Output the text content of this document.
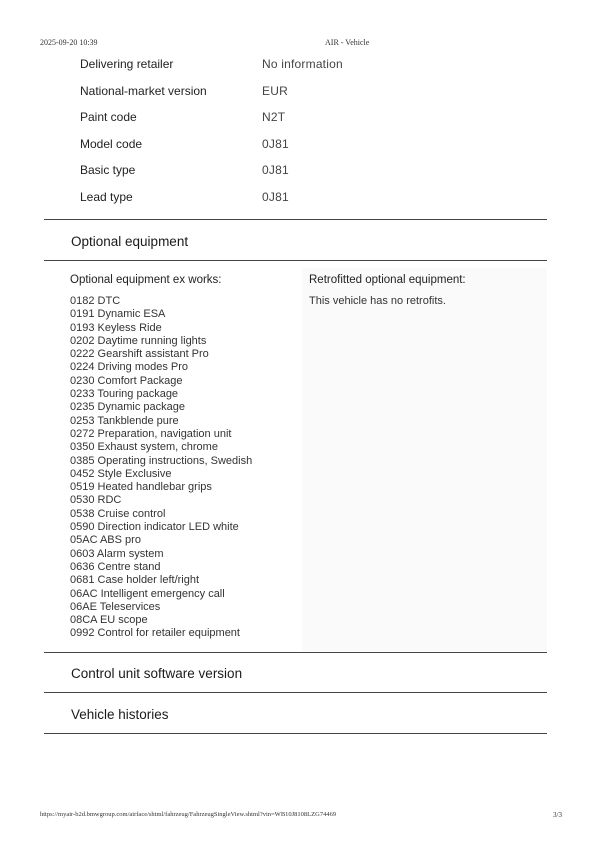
2025-09-20 10:39	AIR - Vehicle
Delivering retailer	No information
National-market version	EUR
Paint code	N2T
Model code	0J81
Basic type	0J81
Lead type	0J81
Optional equipment
Optional equipment ex works:	Retrofitted optional equipment:
0182 DTC
0191 Dynamic ESA
0193 Keyless Ride
0202 Daytime running lights
0222 Gearshift assistant Pro
0224 Driving modes Pro
0230 Comfort Package
0233 Touring package
0235 Dynamic package
0253 Tankblende pure
0272 Preparation, navigation unit
0350 Exhaust system, chrome
0385 Operating instructions, Swedish
0452 Style Exclusive
0519 Heated handlebar grips
0530 RDC
0538 Cruise control
0590 Direction indicator LED white
05AC ABS pro
0603 Alarm system
0636 Centre stand
0681 Case holder left/right
06AC Intelligent emergency call
06AE Teleservices
08CA EU scope
0992 Control for retailer equipment
This vehicle has no retrofits.
Control unit software version
Vehicle histories
https://myair-b2d.bmwgroup.com/airface/shtml/fahrzeug/FahrzeugSingleView.shtml?vin=WB10J8108LZG74469	3/3
